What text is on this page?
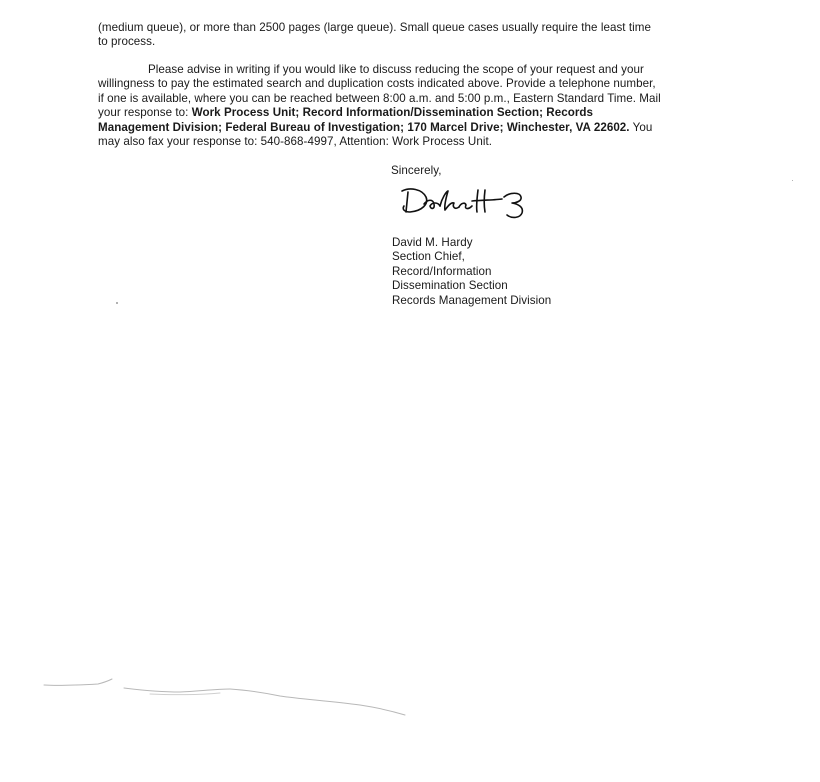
(medium queue), or more than 2500 pages (large queue). Small queue cases usually require the least time
to process.
Please advise in writing if you would like to discuss reducing the scope of your request and your
willingness to pay the estimated search and duplication costs indicated above. Provide a telephone number,
if one is available, where you can be reached between 8:00 a.m. and 5:00 p.m., Eastern Standard Time. Mail
your response to: Work Process Unit; Record Information/Dissemination Section; Records
Management Division; Federal Bureau of Investigation; 170 Marcel Drive; Winchester, VA 22602. You
may also fax your response to: 540-868-4997, Attention: Work Process Unit.
Sincerely,
David M. Hardy
Section Chief,
Record/Information
Dissemination Section
Records Management Division
